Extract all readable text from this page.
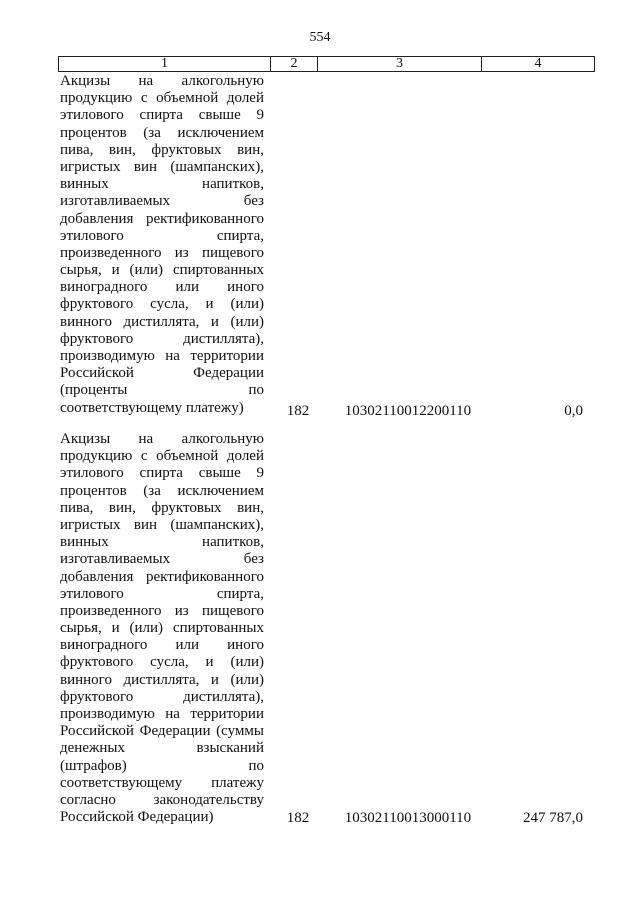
554
1	2	3	4
Акцизы на алкогольную
продукцию с объемной долей
этилового спирта свыше 9
процентов (за исключением
пива, вин, фруктовых вин,
игристых вин (шампанских),
винных напитков,
изготавливаемых без
добавления ректификованного
этилового спирта,
произведенного из пищевого
сырья, и (или) спиртованных
виноградного или иного
фруктового сусла, и (или)
винного дистиллята, и (или)
фруктового дистиллята),
производимую на территории
Российской Федерации
(проценты по
соответствующему платежу)	182	10302110012200110	0,0
Акцизы на алкогольную
продукцию с объемной долей
этилового спирта свыше 9
процентов (за исключением
пива, вин, фруктовых вин,
игристых вин (шампанских),
винных напитков,
изготавливаемых без
добавления ректификованного
этилового спирта,
произведенного из пищевого
сырья, и (или) спиртованных
виноградного или иного
фруктового сусла, и (или)
винного дистиллята, и (или)
фруктового дистиллята),
производимую на территории
Российской Федерации (суммы
денежных взысканий
(штрафов) по
соответствующему платежу
согласно законодательству
Российской Федерации)	182	10302110013000110	247 787,0
